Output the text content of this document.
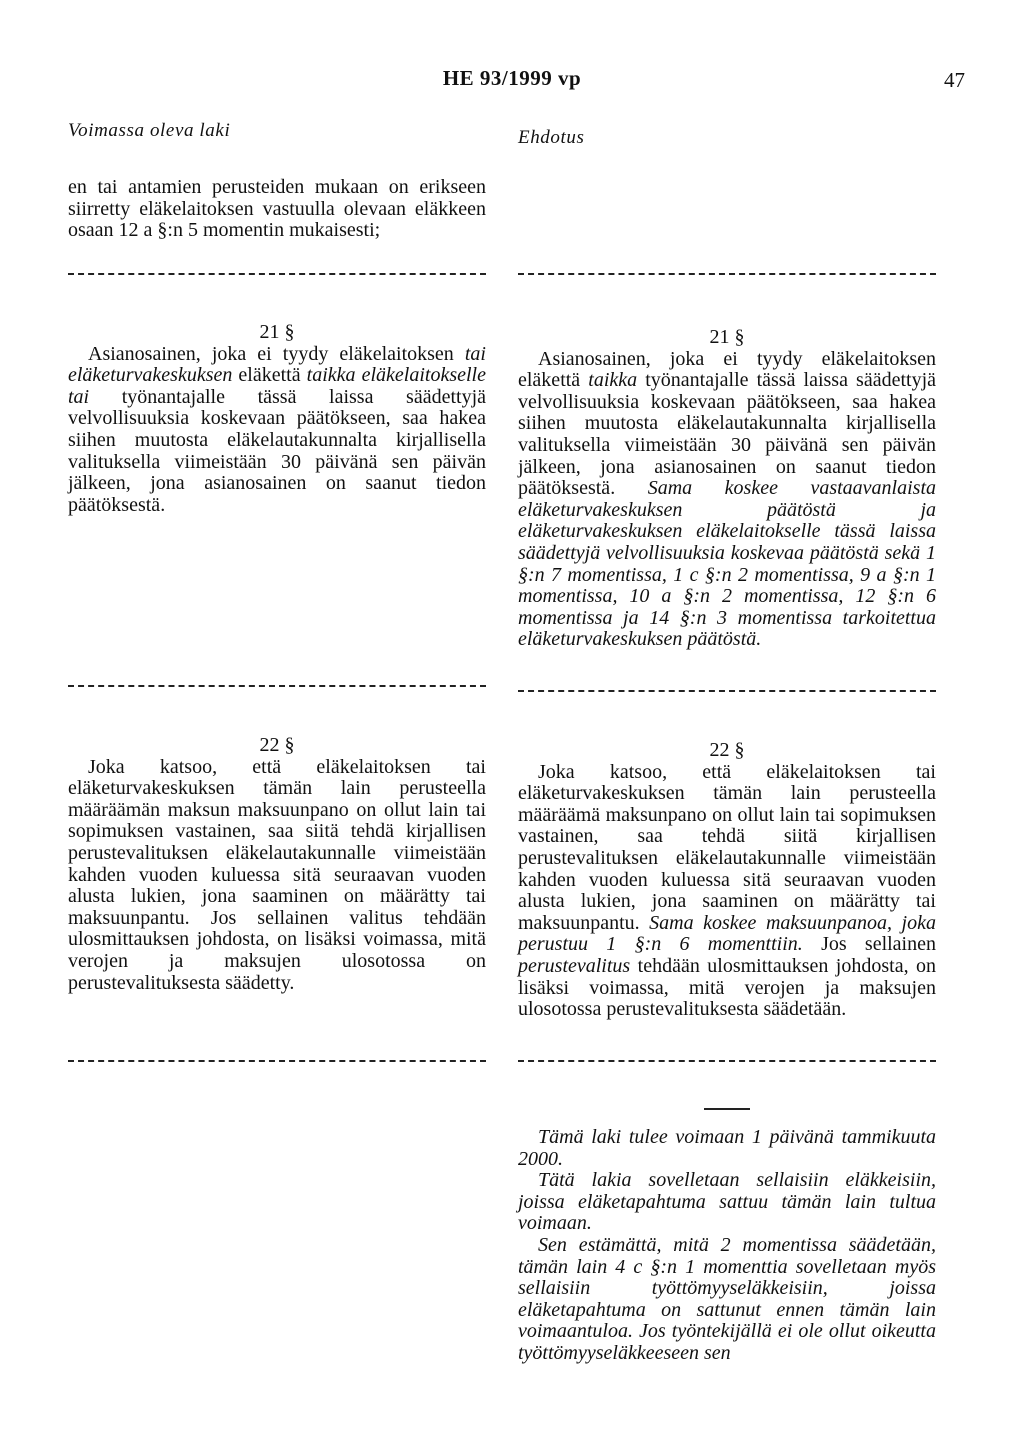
HE 93/1999 vp	47
Voimassa oleva laki	Ehdotus

en tai antamien perusteiden mukaan on erikseen siirretty eläkelaitoksen vastuulla olevaan eläkkeen osaan 12 a §:n 5 momentin mukaisesti;

21 §

 Asianosainen, joka ei tyydy eläkelaitoksen tai eläketurvakeskuksen eläkettä taikka eläkelaitokselle tai työnantajalle tässä laissa säädettyjä velvollisuuksia koskevaan päätökseen, saa hakea siihen muutosta eläkelautakunnalta kirjallisella valituksella viimeistään 30 päivänä sen päivän jälkeen, jona asianosainen on saanut tiedon päätöksestä.

21 §

 Asianosainen, joka ei tyydy eläkelaitoksen eläkettä taikka työnantajalle tässä laissa säädettyjä velvollisuuksia koskevaan päätökseen, saa hakea siihen muutosta eläkelautakunnalta kirjallisella valituksella viimeistään 30 päivänä sen päivän jälkeen, jona asianosainen on saanut tiedon päätöksestä. Sama koskee vastaavanlaista eläketurvakeskuksen päätöstä ja eläketurvakeskuksen eläkelaitokselle tässä laissa säädettyjä velvollisuuksia koskevaa päätöstä sekä 1 §:n 7 momentissa, 1 c §:n 2 momentissa, 9 a §:n 1 momentissa, 10 a §:n 2 momentissa, 12 §:n 6 momentissa ja 14 §:n 3 momentissa tarkoitettua eläketurvakeskuksen päätöstä.

22 §

 Joka katsoo, että eläkelaitoksen tai eläketurvakeskuksen tämän lain perusteella määräämän maksun maksuunpano on ollut lain tai sopimuksen vastainen, saa siitä tehdä kirjallisen perustevalituksen eläkelautakunnalle viimeistään kahden vuoden kuluessa sitä seuraavan vuoden alusta lukien, jona saaminen on määrätty tai maksuunpantu. Jos sellainen valitus tehdään ulosmittauksen johdosta, on lisäksi voimassa, mitä verojen ja maksujen ulosotossa on perustevalituksesta säädetty.

22 §

 Joka katsoo, että eläkelaitoksen tai eläketurvakeskuksen tämän lain perusteella määräämä maksunpano on ollut lain tai sopimuksen vastainen, saa tehdä siitä kirjallisen perustevalituksen eläkelautakunnalle viimeistään kahden vuoden kuluessa sitä seuraavan vuoden alusta lukien, jona saaminen on määrätty tai maksuunpantu. Sama koskee maksuunpanoa, joka perustuu 1 §:n 6 momenttiin. Jos sellainen perustevalitus tehdään ulosmittauksen johdosta, on lisäksi voimassa, mitä verojen ja maksujen ulosotossa perustevalituksesta säädetään.

 Tämä laki tulee voimaan 1 päivänä tammikuuta 2000.

 Tätä lakia sovelletaan sellaisiin eläkkeisiin, joissa eläketapahtuma sattuu tämän lain tultua voimaan.

 Sen estämättä, mitä 2 momentissa säädetään, tämän lain 4 c §:n 1 momenttia sovelletaan myös sellaisiin työttömyyseläkkeisiin, joissa eläketapahtuma on sattunut ennen tämän lain voimaantuloa. Jos työntekijällä ei ole ollut oikeutta työttömyyseläkkeeseen sen
